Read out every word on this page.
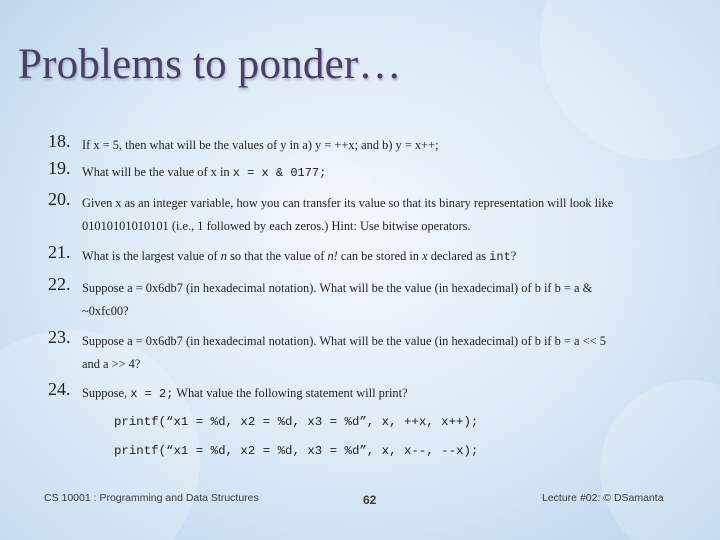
Problems to ponder…
18. If x = 5, then what will be the values of y in a) y = ++x; and b) y = x++;
19. What will be the value of x in x = x & 0177;
20. Given x as an integer variable, how you can transfer its value so that its binary representation will look like
01010101010101 (i.e., 1 followed by each zeros.) Hint: Use bitwise operators.
21. What is the largest value of n so that the value of n! can be stored in x declared as int?
22. Suppose a = 0x6db7 (in hexadecimal notation). What will be the value (in hexadecimal) of b if b = a &
~0xfc00?
23. Suppose a = 0x6db7 (in hexadecimal notation). What will be the value (in hexadecimal) of b if b = a << 5
and a >> 4?
24. Suppose, x = 2; What value the following statement will print?
printf(“x1 = %d, x2 = %d, x3 = %d”, x, ++x, x++);
printf(“x1 = %d, x2 = %d, x3 = %d”, x, x--, --x);
CS 10001 : Programming and Data Structures	62	Lecture #02: © DSamanta
